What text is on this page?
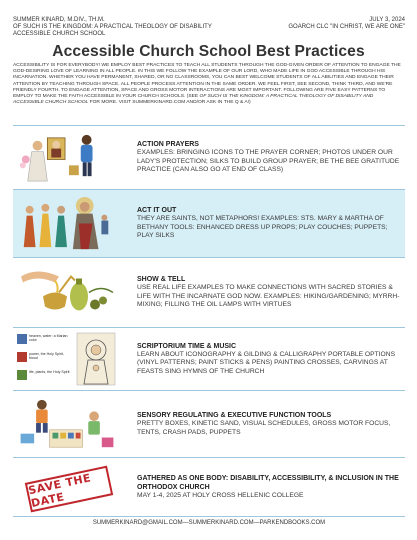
SUMMER KINARD, M.DIV., TH.M.
OF SUCH IS THE KINGDOM: A PRACTICAL THEOLOGY OF DISABILITY
ACCESSIBLE CHURCH SCHOOL
JULY 3, 2024
GOARCH CLC "IN CHRIST, WE ARE ONE"
Accessible Church School Best Practices

ACCESSIBILITY IS FOR EVERYBODY! WE EMPLOY BEST PRACTICES TO TEACH ALL STUDENTS THROUGH THE GOD-GIVEN ORDER OF ATTENTION TO ENGAGE THE GOD-DESIRING LOVE OF LEARNING IN ALL PEOPLE. IN THIS WE FOLLOW THE EXAMPLE OF OUR LORD, WHO MADE LIFE IN GOD ACCESSIBLE THROUGH HIS INCARNATION. WHETHER YOU HAVE PERMANENT, SHARED, OR NO CLASSROOMS, YOU CAN BEST WELCOME STUDENTS OF ALL ABILITIES AND ENGAGE THEIR ATTENTION BY TEACHING THROUGH SPACE. ALL PEOPLE PROCESS ATTENTION IN THE SAME ORDER. WE FEEL FIRST, SEE SECOND, THINK THIRD, AND WE'RE FRIENDLY FOURTH. TO ENGAGE ATTENTION, SPACE AND GROSS MOTOR INTERACTIONS ARE MOST IMPORTANT. FOLLOWING ARE FIVE EASY PATTERNS TO EMPLOY TO MAKE THE FAITH ACCESSIBLE IN YOUR CHURCH SCHOOLS. (SEE OF SUCH IS THE KINGDOM: A PRACTICAL THEOLOGY OF DISABILITY AND ACCESSIBLE CHURCH SCHOOL FOR MORE. VISIT SUMMERKINARD.COM AND/OR ASK IN THE Q & A!)

ACTION PRAYERS
EXAMPLES: BRINGING ICONS TO THE PRAYER CORNER; PHOTOS UNDER OUR LADY'S PROTECTION; SILKS TO BUILD GROUP PRAYER; BE THE BEE GRATITUDE PRACTICE (CAN ALSO GO AT END OF CLASS)
ACT IT OUT
THEY ARE SAINTS, NOT METAPHORS! EXAMPLES: STS. MARY & MARTHA OF BETHANY TOOLS: ENHANCED DRESS UP PROPS; PLAY COUCHES; PUPPETS; PLAY SILKS
SHOW & TELL
USE REAL LIFE EXAMPLES TO MAKE CONNECTIONS WITH SACRED STORIES & LIFE WITH THE INCARNATE GOD NOW. EXAMPLES: HIKING/GARDENING; MYRRH-MIXING; FILLING THE OIL LAMPS WITH VIRTUES
heaven, water: a Marian color
power, the Holy Spirit, blood
life, plants, the Holy Spirit
SCRIPTORIUM TIME & MUSIC
LEARN ABOUT ICONOGRAPHY & GILDING & CALLIGRAPHY PORTABLE OPTIONS (VINYL PATTERNS; PAINT STICKS & PENS) PAINTING CROSSES, CARVINGS AT FEASTS SING HYMNS OF THE CHURCH
SENSORY REGULATING & EXECUTIVE FUNCTION TOOLS
PRETTY BOXES, KINETIC SAND, VISUAL SCHEDULES, GROSS MOTOR FOCUS, TENTS, CRASH PADS, PUPPETS
SAVE THE DATE
GATHERED AS ONE BODY: DISABILITY, ACCESSIBILITY, & INCLUSION IN THE ORTHODOX CHURCH
MAY 1-4, 2025 AT HOLY CROSS HELLENIC COLLEGE
SUMMERKINARD@GMAIL.COM—SUMMERKINARD.COM—PARKENDBOOKS.COM
